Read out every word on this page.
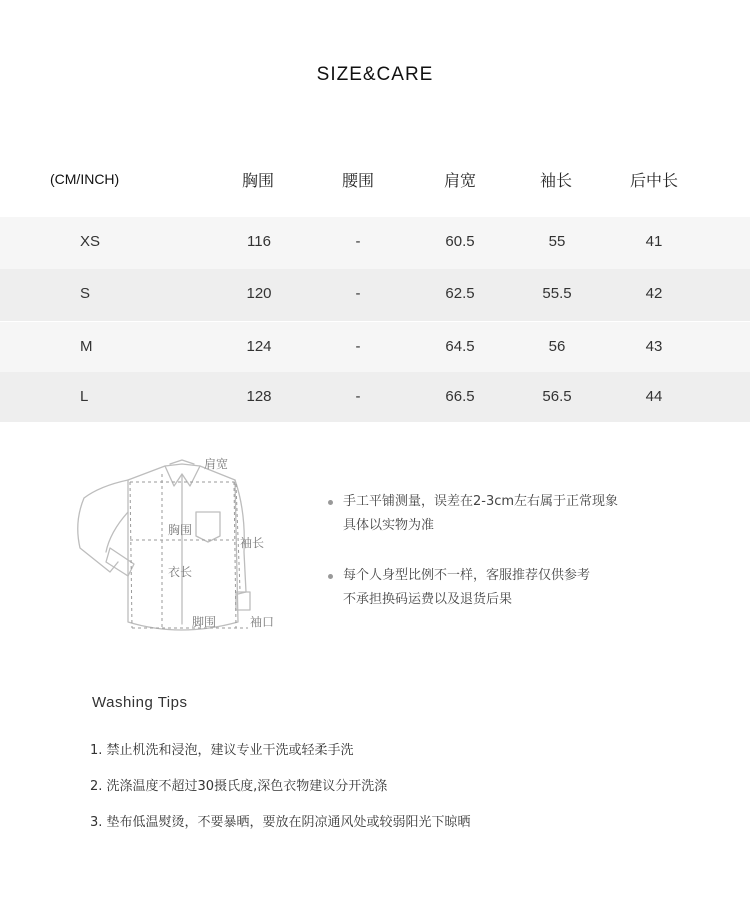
SIZE&CARE
(CM/INCH)	胸围	腰围	肩宽	袖长	后中长
XS	116	-	60.5	55	41
S	120	-	62.5	55.5	42
M	124	-	64.5	56	43
L	128	-	66.5	56.5	44
肩宽
胸围
袖长
衣长
脚围	袖口
手工平铺测量，误差在2-3cm左右属于正常现象
具体以实物为准
每个人身型比例不一样，客服推荐仅供参考
不承担换码运费以及退货后果
Washing Tips
1. 禁止机洗和浸泡，建议专业干洗或轻柔手洗
2. 洗涤温度不超过30摄氏度,深色衣物建议分开洗涤
3. 垫布低温熨烫，不要暴晒，要放在阴凉通风处或较弱阳光下晾晒
